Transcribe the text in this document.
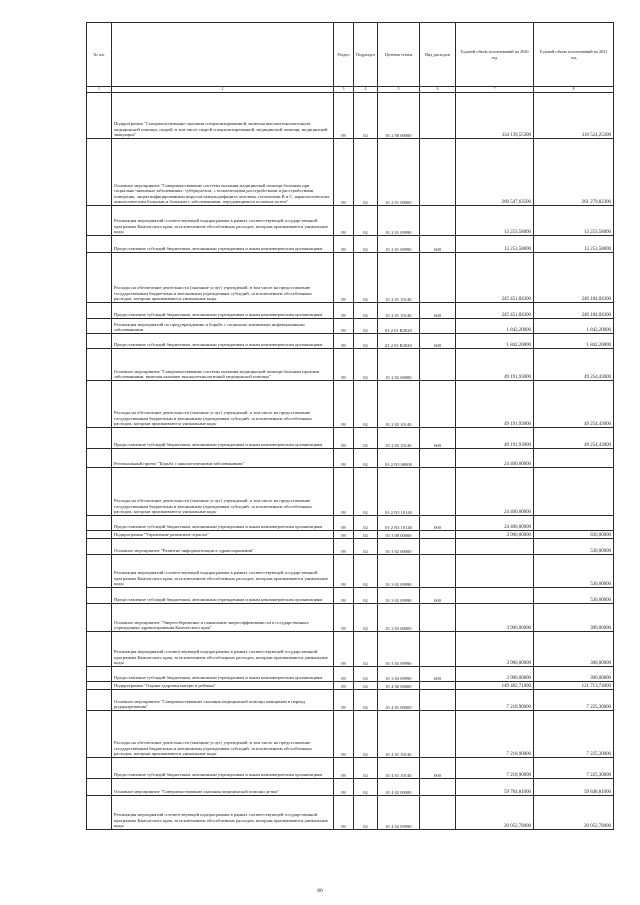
№ п/п		Раздел	Подраздел	Целевая статья	Вид расходов	Годовой объем ассигнований на 2020 год	Годовой объем ассигнований на 2021 год
1	2	3	4	5	6	7	8
	Подпрограмма "Совершенствование оказания специализированной, включая высокотехнологичную, медицинской помощи, скорой, в том числе скорой специализированной, медицинской помощи, медицинской эвакуации"	09	02	01 2 00 00000		334 139,55300	310 524,25300
	Основное мероприятие "Совершенствование системы оказания медицинской помощи больным при социально-значимых заболеваниях: туберкулезом, с психическими расстройствами и расстройствами поведения, лицам инфицированным вирусом иммунодефицита человека, гепатитами В и С, наркологическим, онкологическим больным и больным с заболеваниями, передающимися половым путем"	09	02	01 2 01 00000		260 547,62500	261 279,82300
	Реализация мероприятий соответствующей подпрограммы в рамках соответствующей государственной программы Камчатского края, за исключением обособленных расходов, которым присваиваются уникальные коды	09	02	01 2 01 09990		13 253,58000	13 253,58000
	Предоставление субсидий бюджетным, автономным учреждениям и иным некоммерческим организациям	09	02	01 2 01 09990	600	13 253,58000	13 253,58000
	Расходы на обеспечение деятельности (оказание услуг) учреждений, в том числе на предоставление государственным бюджетным и автономным учреждениям субсидий, за исключением обособленных расходов, которым присваиваются уникальные коды	09	02	01 2 01 10140		245 451,84300	246 184,04300
	Предоставление субсидий бюджетным, автономным учреждениям и иным некоммерческим организациям	09	02	01 2 01 10140	600	245 451,84300	246 184,04300
	Реализация мероприятий по предупреждению и борьбе с социально значимыми инфекционными заболеваниями	09	02	01 2 01 R2020		1 842,20000	1 842,20000
	Предоставление субсидий бюджетным, автономным учреждениям и иным некоммерческим организациям	09	02	01 2 01 R2020	600	1 842,20000	1 842,20000
	Основное мероприятие "Совершенствование системы оказания медицинской помощи больным прочими заболеваниями, включая оказание высокотехнологичной медицинской помощи"	09	02	01 2 02 00000		49 191,93000	49 254,43000
	Расходы на обеспечение деятельности (оказание услуг) учреждений, в том числе на предоставление государственным бюджетным и автономным учреждениям субсидий, за исключением обособленных расходов, которым присваиваются уникальные коды	09	02	01 2 02 10140		49 191,93000	49 254,43000
	Предоставление субсидий бюджетным, автономным учреждениям и иным некоммерческим организациям	09	02	01 2 02 10140	600	49 191,93000	49 254,43000
	Региональный проект "Борьба с онкологическими заболеваниями"	09	02	01 2 N3 00000		24 400,00000	
	Расходы на обеспечение деятельности (оказание услуг) учреждений, в том числе на предоставление государственным бюджетным и автономным учреждениям субсидий, за исключением обособленных расходов, которым присваиваются уникальные коды	09	02	01 2 N3 10140		24 400,00000	
	Предоставление субсидий бюджетным, автономным учреждениям и иным некоммерческим организациям	09	02	01 2 N3 10140	600	24 400,00000	
	Подпрограмма "Управление развитием отрасли"	09	02	01 3 00 00000		3 900,00000	830,00000
	Основное мероприятие "Развитие информатизации в здравоохранении"	09	02	01 3 02 00000			530,00000
	Реализация мероприятий соответствующей подпрограммы в рамках соответствующей государственной программы Камчатского края, за исключением обособленных расходов, которым присваиваются уникальные коды	09	02	01 3 02 09990			530,00000
	Предоставление субсидий бюджетным, автономным учреждениям и иным некоммерческим организациям	09	02	01 3 02 09990	600		530,00000
	Основное мероприятие "Энергосбережение и повышение энергоэффективности в государственных учреждениях здравоохранения Камчатского края"	09	02	01 3 03 00000		3 900,00000	300,00000
	Реализация мероприятий соответствующей подпрограммы в рамках соответствующей государственной программы Камчатского края, за исключением обособленных расходов, которым присваиваются уникальные коды	09	02	01 3 03 09990		3 900,00000	300,00000
	Предоставление субсидий бюджетным, автономным учреждениям и иным некоммерческим организациям	09	02	01 3 03 09990	600	3 900,00000	300,00000
	Подпрограмма "Охрана здоровья матери и ребенка"	09	02	01 4 00 00000		149 482,71000	121 713,74000
	Основное мероприятие "Совершенствование оказания медицинской помощи женщинам в период родоразрешения"	09	02	01 4 01 00000		7 218,90000	7 225,30000
	Расходы на обеспечение деятельности (оказание услуг) учреждений, в том числе на предоставление государственным бюджетным и автономным учреждениям субсидий, за исключением обособленных расходов, которым присваиваются уникальные коды	09	02	01 4 01 10140		7 218,90000	7 225,30000
	Предоставление субсидий бюджетным, автономным учреждениям и иным некоммерческим организациям	09	02	01 4 01 10140	600	7 218,90000	7 225,30000
	Основное мероприятие "Совершенствование оказания медицинской помощи детям"	09	02	01 4 02 00000		59 764,81000	59 848,81000
	Реализация мероприятий соответствующей подпрограммы в рамках соответствующей государственной программы Камчатского края, за исключением обособленных расходов, которым присваиваются уникальные коды	09	02	01 4 02 09990		20 052,78000	20 052,78000
80
